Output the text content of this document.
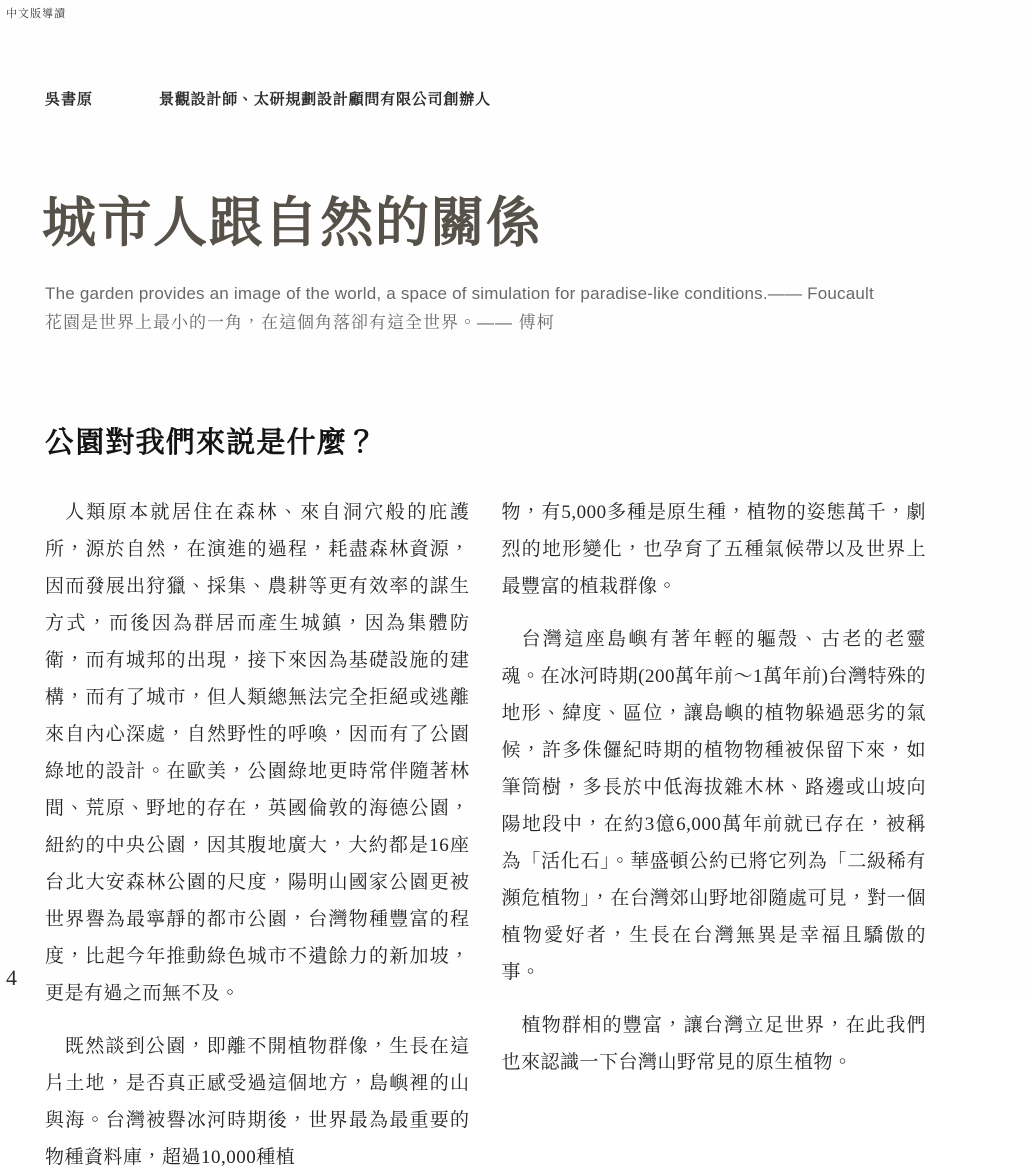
中文版導讀
吳書原	景觀設計師、太研規劃設計顧問有限公司創辦人
城市人跟自然的關係

The garden provides an image of the world, a space of simulation for paradise-like conditions.—— Foucault

花園是世界上最小的一角，在這個角落卻有這全世界。—— 傅柯

公園對我們來説是什麼？

人類原本就居住在森林、來自洞穴般的庇護所，源於自然，在演進的過程，耗盡森林資源，因而發展出狩獵、採集、農耕等更有效率的謀生方式，而後因為群居而產生城鎮，因為集體防衛，而有城邦的出現，接下來因為基礎設施的建構，而有了城市，但人類總無法完全拒絕或逃離來自內心深處，自然野性的呼喚，因而有了公園綠地的設計。在歐美，公園綠地更時常伴隨著林間、荒原、野地的存在，英國倫敦的海德公園，紐約的中央公園，因其腹地廣大，大約都是16座台北大安森林公園的尺度，陽明山國家公園更被世界譽為最寧靜的都市公園，台灣物種豐富的程度，比起今年推動綠色城市不遺餘力的新加坡，更是有過之而無不及。

既然談到公園，即離不開植物群像，生長在這片土地，是否真正感受過這個地方，島嶼裡的山與海。台灣被譽冰河時期後，世界最為最重要的物種資料庫，超過10,000種植

物，有5,000多種是原生種，植物的姿態萬千，劇烈的地形變化，也孕育了五種氣候帶以及世界上最豐富的植栽群像。

台灣這座島嶼有著年輕的軀殼、古老的老靈魂。在冰河時期(200萬年前～1萬年前)台灣特殊的地形、緯度、區位，讓島嶼的植物躲過惡劣的氣候，許多侏儸紀時期的植物物種被保留下來，如筆筒樹，多長於中低海拔雜木林、路邊或山坡向陽地段中，在約3億6,000萬年前就已存在，被稱為「活化石」。華盛頓公約已將它列為「二級稀有瀕危植物」，在台灣郊山野地卻隨處可見，對一個植物愛好者，生長在台灣無異是幸福且驕傲的事。

植物群相的豐富，讓台灣立足世界，在此我們也來認識一下台灣山野常見的原生植物。

4
